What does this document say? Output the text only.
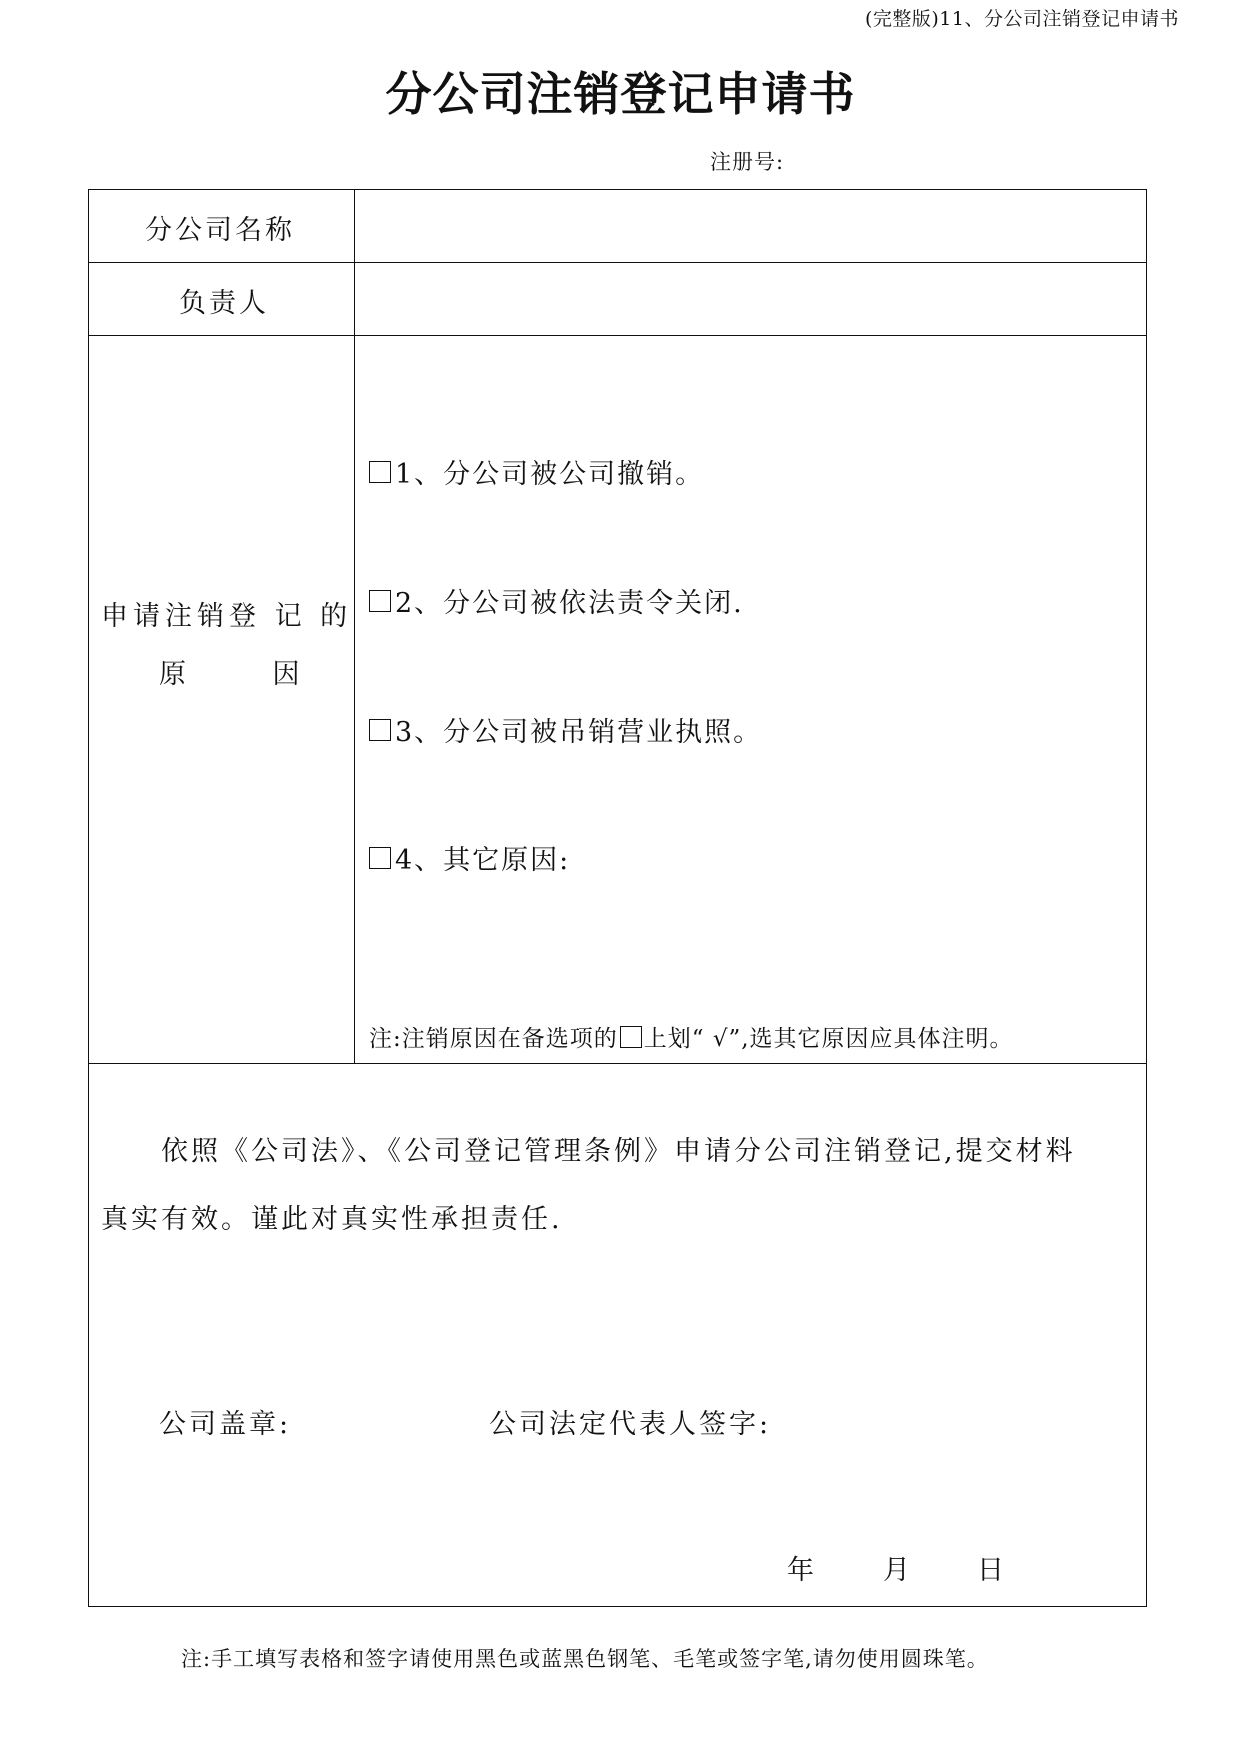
(完整版)11、分公司注销登记申请书
分公司注销登记申请书
注册号:
分公司名称
负责人
申请注销登 记 的
原      因
1、分公司被公司撤销。
2、分公司被依法责令关闭.
3、分公司被吊销营业执照。
4、其它原因:
注:注销原因在备选项的 上划“ √”,选其它原因应具体注明。
依照《公司法》、《公司登记管理条例》申请分公司注销登记,提交材料
真实有效。谨此对真实性承担责任.
公司盖章:	公司法定代表人签字:
年	月 日
注:手工填写表格和签字请使用黑色或蓝黑色钢笔、毛笔或签字笔,请勿使用圆珠笔。
